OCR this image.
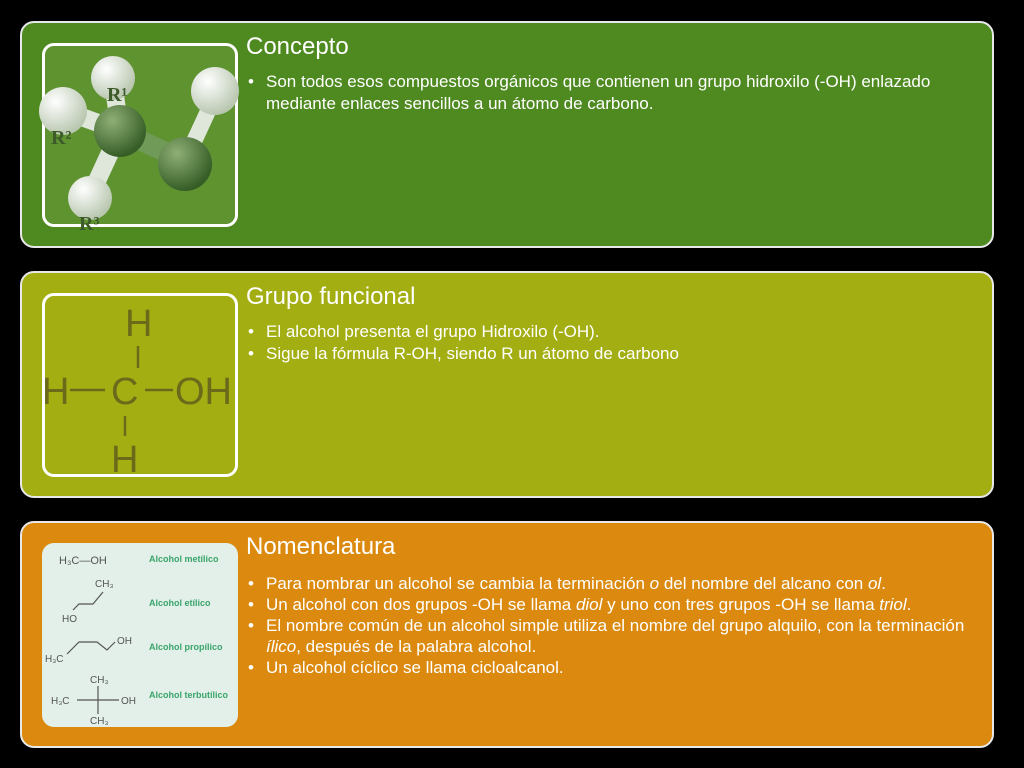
R¹
R²
R³
Concepto
• Son todos esos compuestos orgánicos que contienen un grupo hidroxilo (-OH) enlazado mediante enlaces sencillos a un átomo de carbono.
H
H C OH
H
Grupo funcional
• El alcohol presenta el grupo Hidroxilo (-OH).
• Sigue la fórmula R-OH, siendo R un átomo de carbono
H₃C—OH	Alcohol metílico
CH₃
HO
Alcohol etílico
OH
H₃C
Alcohol propílico
CH₃
H₃C	OH
CH₃
Alcohol terbutílico
Nomenclatura
• Para nombrar un alcohol se cambia la terminación o del nombre del alcano con ol.
• Un alcohol con dos grupos -OH se llama diol y uno con tres grupos -OH se llama triol.
• El nombre común de un alcohol simple utiliza el nombre del grupo alquilo, con la terminación ílico, después de la palabra alcohol.
• Un alcohol cíclico se llama cicloalcanol.
